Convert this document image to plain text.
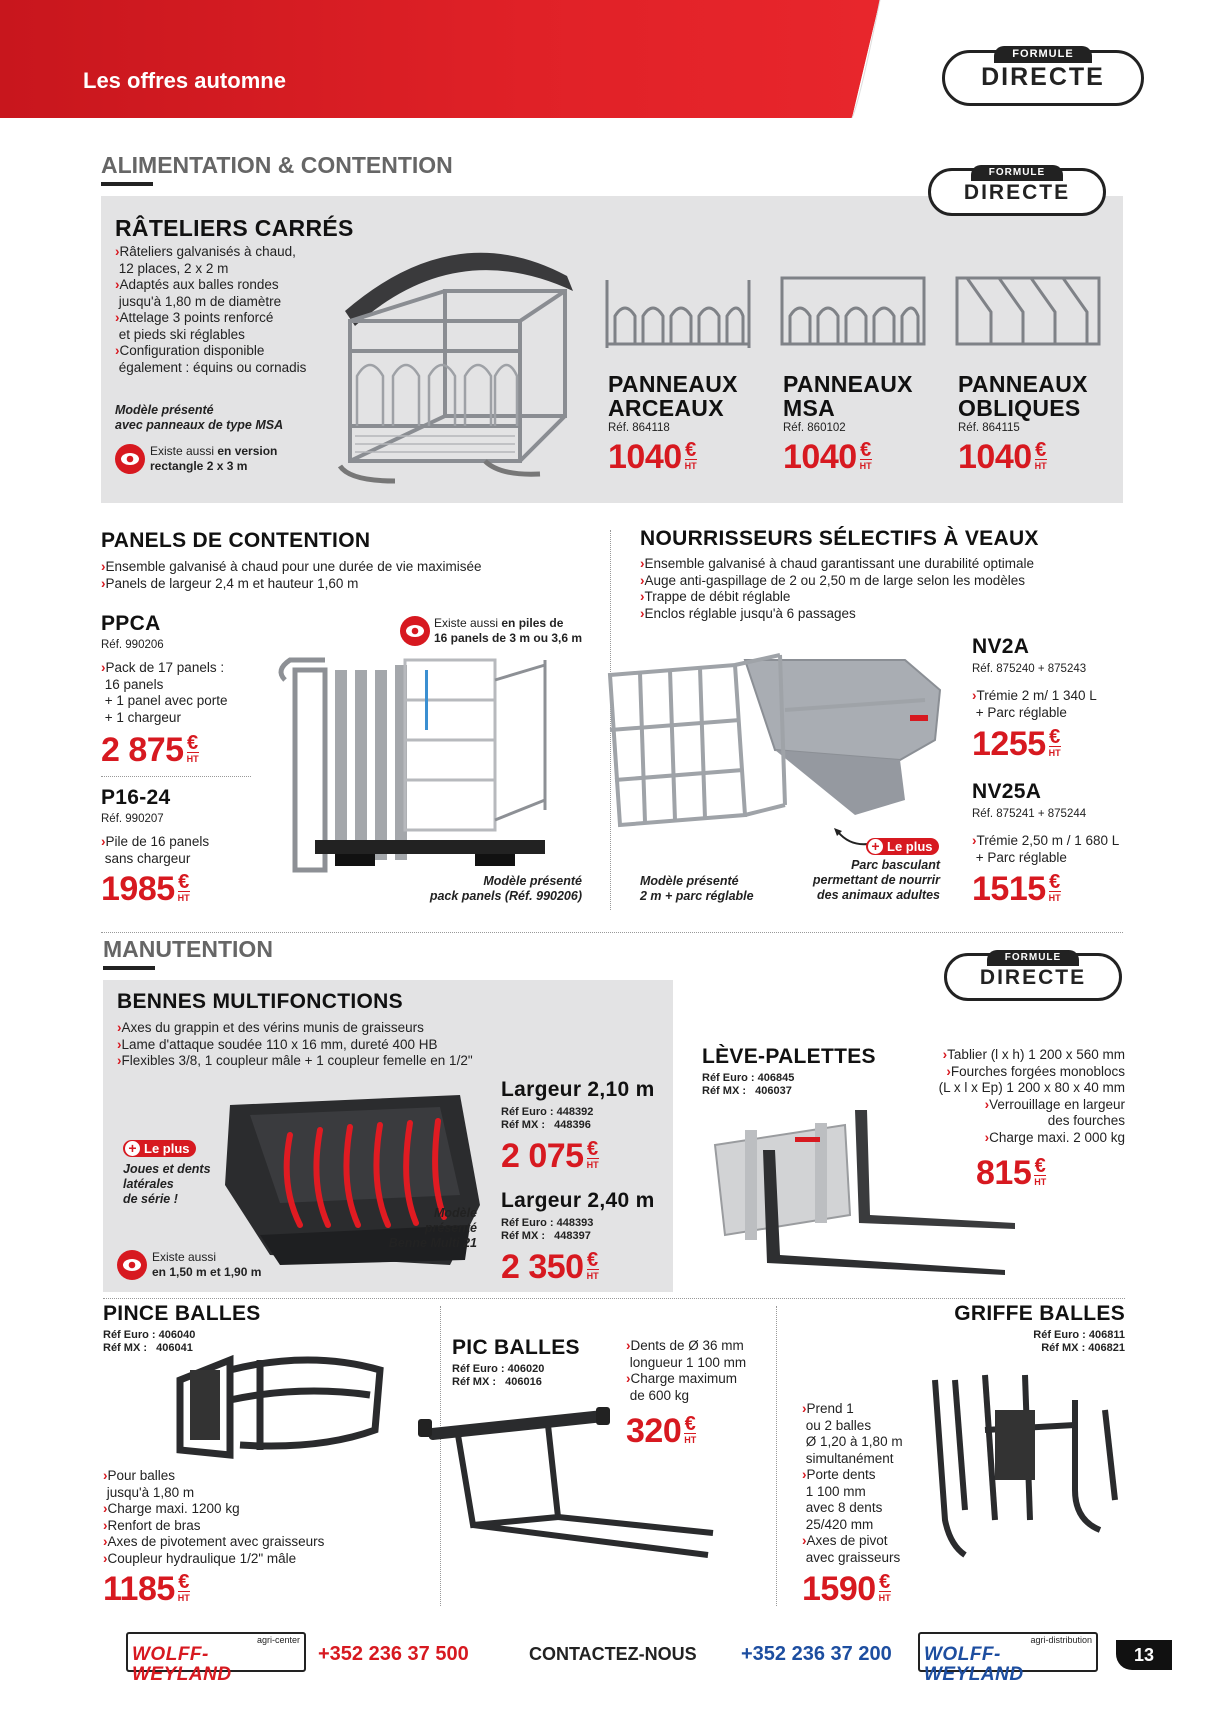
Les offres automne
FORMULE
DIRECTE
ALIMENTATION & CONTENTION	FORMULE
DIRECTE
RÂTELIERS CARRÉS
›Râteliers galvanisés à chaud,
12 places, 2 x 2 m
›Adaptés aux balles rondes
jusqu'à 1,80 m de diamètre
›Attelage 3 points renforcé
et pieds ski réglables
›Configuration disponible
également : équins ou cornadis
Modèle présenté
avec panneaux de type MSA
Existe aussi en version
rectangle 2 x 3 m
PANNEAUX
ARCEAUX
Réf. 864118
1040 €
HT
PANNEAUX
MSA
Réf. 860102
1040 €
HT
PANNEAUX
OBLIQUES
Réf. 864115
1040 €
HT
PANELS DE CONTENTION
›Ensemble galvanisé à chaud pour une durée de vie maximisée
›Panels de largeur 2,4 m et hauteur 1,60 m
PPCA
Réf. 990206
›Pack de 17 panels :
16 panels
+ 1 panel avec porte
+ 1 chargeur
2 875 €
HT
P16-24
Réf. 990207
›Pile de 16 panels
sans chargeur
1985 €
HT
Existe aussi en piles de
16 panels de 3 m ou 3,6 m
Modèle présenté
pack panels (Réf. 990206)
NOURRISSEURS SÉLECTIFS À VEAUX
›Ensemble galvanisé à chaud garantissant une durabilité optimale
›Auge anti-gaspillage de 2 ou 2,50 m de large selon les modèles
›Trappe de débit réglable
›Enclos réglable jusqu'à 6 passages
Modèle présenté
2 m + parc réglable
+ Le plus
Parc basculant
permettant de nourrir
des animaux adultes
NV2A
Réf. 875240 + 875243
›Trémie 2 m/ 1 340 L
+ Parc réglable
1255 €
HT
NV25A
Réf. 875241 + 875244
›Trémie 2,50 m / 1 680 L
+ Parc réglable
1515 €
HT
MANUTENTION	FORMULE
DIRECTE
BENNES MULTIFONCTIONS
›Axes du grappin et des vérins munis de graisseurs
›Lame d'attaque soudée 110 x 16 mm, dureté 400 HB
›Flexibles 3/8, 1 coupleur mâle + 1 coupleur femelle en 1/2"
+ Le plus
Joues et dents
latérales
de série !
Modèle
présenté
Benne Multi 21
Existe aussi
en 1,50 m et 1,90 m
Largeur 2,10 m
Réf Euro : 448392
Réf MX :   448396
2 075 €
HT
Largeur 2,40 m
Réf Euro : 448393
Réf MX :   448397
2 350 €
HT
LÈVE-PALETTES
Réf Euro : 406845
Réf MX :   406037
›Tablier (l x h) 1 200 x 560 mm
›Fourches forgées monoblocs
(L x l x Ep) 1 200 x 80 x 40 mm
›Verrouillage en largeur
des fourches
›Charge maxi. 2 000 kg
815 €
HT
PINCE BALLES
Réf Euro : 406040
Réf MX :   406041
›Pour balles
jusqu'à 1,80 m
›Charge maxi. 1200 kg
›Renfort de bras
›Axes de pivotement avec graisseurs
›Coupleur hydraulique 1/2" mâle
1185 €
HT
PIC BALLES
Réf Euro : 406020
Réf MX :   406016
›Dents de Ø 36 mm
longueur 1 100 mm
›Charge maximum
de 600 kg
320 €
HT
GRIFFE BALLES
Réf Euro : 406811
Réf MX : 406821
›Prend 1
ou 2 balles
Ø 1,20 à 1,80 m
simultanément
›Porte dents
1 100 mm
avec 8 dents
25/420 mm
›Axes de pivot
avec graisseurs
1590 €
HT
agri-center
WOLFF-WEYLAND
+352 236 37 500	CONTACTEZ-NOUS +352 236 37 200
agri-distribution
WOLFF-WEYLAND
13
